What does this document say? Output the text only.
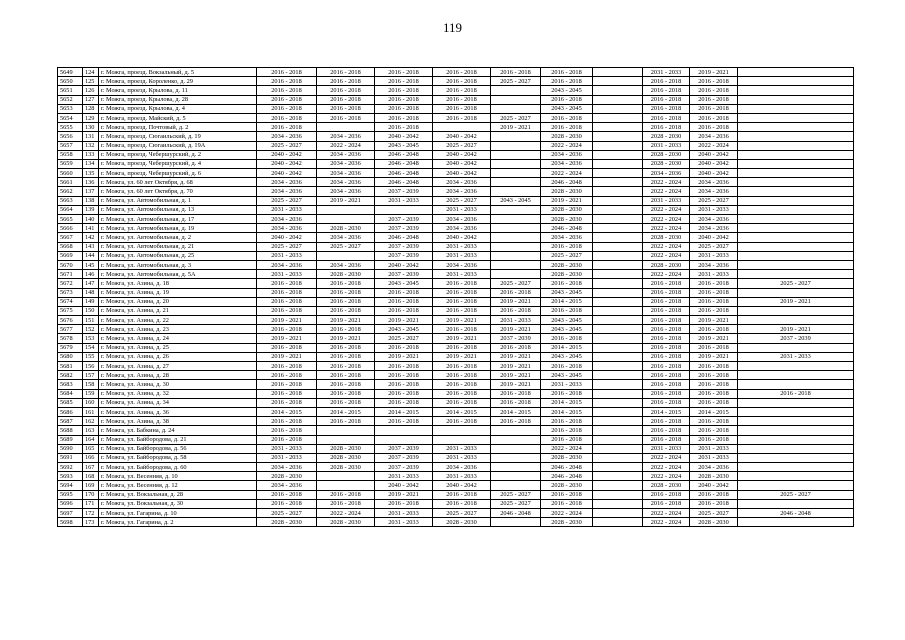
119
5649	124	г. Можга, проезд. Вокзальный, д. 5	2016 - 2018	2016 - 2018	2016 - 2018	2016 - 2018	2016 - 2018	2016 - 2018		2031 - 2033	2019 - 2021	
5650	125	г. Можга, проезд. Короленко, д. 29	2016 - 2018	2016 - 2018	2016 - 2018	2016 - 2018	2025 - 2027	2016 - 2018		2016 - 2018	2016 - 2018	
5651	126	г. Можга, проезд. Крылова, д. 11	2016 - 2018	2016 - 2018	2016 - 2018	2016 - 2018		2043 - 2045		2016 - 2018	2016 - 2018	
5652	127	г. Можга, проезд. Крылова, д. 28	2016 - 2018	2016 - 2018	2016 - 2018	2016 - 2018		2016 - 2018		2016 - 2018	2016 - 2018	
5653	128	г. Можга, проезд. Крылова, д. 4	2016 - 2018	2016 - 2018	2016 - 2018	2016 - 2018		2043 - 2045		2016 - 2018	2016 - 2018	
5654	129	г. Можга, проезд. Майский, д. 5	2016 - 2018	2016 - 2018	2016 - 2018	2016 - 2018	2025 - 2027	2016 - 2018		2016 - 2018	2016 - 2018	
5655	130	г. Можга, проезд. Почтовый, д. 2	2016 - 2018		2016 - 2018		2019 - 2021	2016 - 2018		2016 - 2018	2016 - 2018	
5656	131	г. Можга, проезд. Сюгаильский, д. 19	2034 - 2036	2034 - 2036	2040 - 2042	2040 - 2042		2028 - 2030		2028 - 2030	2034 - 2036	
5657	132	г. Можга, проезд. Сюгаильский, д. 19А	2025 - 2027	2022 - 2024	2043 - 2045	2025 - 2027		2022 - 2024		2031 - 2033	2022 - 2024	
5658	133	г. Можга, проезд. Чебершурский, д. 2	2040 - 2042	2034 - 2036	2046 - 2048	2040 - 2042		2034 - 2036		2028 - 2030	2040 - 2042	
5659	134	г. Можга, проезд. Чебершурский, д. 4	2040 - 2042	2034 - 2036	2046 - 2048	2040 - 2042		2034 - 2036		2028 - 2030	2040 - 2042	
5660	135	г. Можга, проезд. Чебершурский, д. 6	2040 - 2042	2034 - 2036	2046 - 2048	2040 - 2042		2022 - 2024		2034 - 2036	2040 - 2042	
5661	136	г. Можга, ул. 60 лет Октября, д. 68	2034 - 2036	2034 - 2036	2046 - 2048	2034 - 2036		2046 - 2048		2022 - 2024	2034 - 2036	
5662	137	г. Можга, ул. 60 лет Октября, д. 70	2034 - 2036	2034 - 2036	2037 - 2039	2034 - 2036		2028 - 2030		2022 - 2024	2034 - 2036	
5663	138	г. Можга, ул. Автомобильная, д. 1	2025 - 2027	2019 - 2021	2031 - 2033	2025 - 2027	2043 - 2045	2019 - 2021		2031 - 2033	2025 - 2027	
5664	139	г. Можга, ул. Автомобильная, д. 13	2031 - 2033			2031 - 2033		2028 - 2030		2022 - 2024	2031 - 2033	
5665	140	г. Можга, ул. Автомобильная, д. 17	2034 - 2036		2037 - 2039	2034 - 2036		2028 - 2030		2022 - 2024	2034 - 2036	
5666	141	г. Можга, ул. Автомобильная, д. 19	2034 - 2036	2028 - 2030	2037 - 2039	2034 - 2036		2046 - 2048		2022 - 2024	2034 - 2036	
5667	142	г. Можга, ул. Автомобильная, д. 2	2040 - 2042	2034 - 2036	2046 - 2048	2040 - 2042		2034 - 2036		2028 - 2030	2040 - 2042	
5668	143	г. Можга, ул. Автомобильная, д. 21	2025 - 2027	2025 - 2027	2037 - 2039	2031 - 2033		2016 - 2018		2022 - 2024	2025 - 2027	
5669	144	г. Можга, ул. Автомобильная, д. 25	2031 - 2033		2037 - 2039	2031 - 2033		2025 - 2027		2022 - 2024	2031 - 2033	
5670	145	г. Можга, ул. Автомобильная, д. 3	2034 - 2036	2034 - 2036	2040 - 2042	2034 - 2036		2028 - 2030		2028 - 2030	2034 - 2036	
5671	146	г. Можга, ул. Автомобильная, д. 5А	2031 - 2033	2028 - 2030	2037 - 2039	2031 - 2033		2028 - 2030		2022 - 2024	2031 - 2033	
5672	147	г. Можга, ул. Азина, д. 18	2016 - 2018	2016 - 2018	2043 - 2045	2016 - 2018	2025 - 2027	2016 - 2018		2016 - 2018	2016 - 2018	2025 - 2027
5673	148	г. Можга, ул. Азина, д. 19	2016 - 2018	2016 - 2018	2016 - 2018	2016 - 2018	2016 - 2018	2043 - 2045		2016 - 2018	2016 - 2018	
5674	149	г. Можга, ул. Азина, д. 20	2016 - 2018	2016 - 2018	2016 - 2018	2016 - 2018	2019 - 2021	2014 - 2015		2016 - 2018	2016 - 2018	2019 - 2021
5675	150	г. Можга, ул. Азина, д. 21	2016 - 2018	2016 - 2018	2016 - 2018	2016 - 2018	2016 - 2018	2016 - 2018		2016 - 2018	2016 - 2018	
5676	151	г. Можга, ул. Азина, д. 22	2019 - 2021	2019 - 2021	2019 - 2021	2019 - 2021	2031 - 2033	2043 - 2045		2016 - 2018	2019 - 2021	
5677	152	г. Можга, ул. Азина, д. 23	2016 - 2018	2016 - 2018	2043 - 2045	2016 - 2018	2019 - 2021	2043 - 2045		2016 - 2018	2016 - 2018	2019 - 2021
5678	153	г. Можга, ул. Азина, д. 24	2019 - 2021	2019 - 2021	2025 - 2027	2019 - 2021	2037 - 2039	2016 - 2018		2016 - 2018	2019 - 2021	2037 - 2039
5679	154	г. Можга, ул. Азина, д. 25	2016 - 2018	2016 - 2018	2016 - 2018	2016 - 2018	2016 - 2018	2014 - 2015		2016 - 2018	2016 - 2018	
5680	155	г. Можга, ул. Азина, д. 26	2019 - 2021	2016 - 2018	2019 - 2021	2019 - 2021	2019 - 2021	2043 - 2045		2016 - 2018	2019 - 2021	2031 - 2033
5681	156	г. Можга, ул. Азина, д. 27	2016 - 2018	2016 - 2018	2016 - 2018	2016 - 2018	2019 - 2021	2016 - 2018		2016 - 2018	2016 - 2018	
5682	157	г. Можга, ул. Азина, д. 28	2016 - 2018	2016 - 2018	2016 - 2018	2016 - 2018	2019 - 2021	2043 - 2045		2016 - 2018	2016 - 2018	
5683	158	г. Можга, ул. Азина, д. 30	2016 - 2018	2016 - 2018	2016 - 2018	2016 - 2018	2019 - 2021	2031 - 2033		2016 - 2018	2016 - 2018	
5684	159	г. Можга, ул. Азина, д. 32	2016 - 2018	2016 - 2018	2016 - 2018	2016 - 2018	2016 - 2018	2016 - 2018		2016 - 2018	2016 - 2018	2016 - 2018
5685	160	г. Можга, ул. Азина, д. 34	2016 - 2018	2016 - 2018	2016 - 2018	2016 - 2018	2016 - 2018	2014 - 2015		2016 - 2018	2016 - 2018	
5686	161	г. Можга, ул. Азина, д. 36	2014 - 2015	2014 - 2015	2014 - 2015	2014 - 2015	2014 - 2015	2014 - 2015		2014 - 2015	2014 - 2015	
5687	162	г. Можга, ул. Азина, д. 38	2016 - 2018	2016 - 2018	2016 - 2018	2016 - 2018	2016 - 2018	2016 - 2018		2016 - 2018	2016 - 2018	
5688	163	г. Можга, ул. Бабкина, д. 24	2016 - 2018					2016 - 2018		2016 - 2018	2016 - 2018	
5689	164	г. Можга, ул. Байбородова, д. 21	2016 - 2018					2016 - 2018		2016 - 2018	2016 - 2018	
5690	165	г. Можга, ул. Байбородова, д. 56	2031 - 2033	2028 - 2030	2037 - 2039	2031 - 2033		2022 - 2024		2031 - 2033	2031 - 2033	
5691	166	г. Можга, ул. Байбородова, д. 58	2031 - 2033	2028 - 2030	2037 - 2039	2031 - 2033		2028 - 2030		2022 - 2024	2031 - 2033	
5692	167	г. Можга, ул. Байбородова, д. 60	2034 - 2036	2028 - 2030	2037 - 2039	2034 - 2036		2046 - 2048		2022 - 2024	2034 - 2036	
5693	168	г. Можга, ул. Весенняя, д. 10	2028 - 2030		2031 - 2033	2031 - 2033		2046 - 2048		2022 - 2024	2028 - 2030	
5694	169	г. Можга, ул. Весенняя, д. 12	2034 - 2036		2040 - 2042	2040 - 2042		2028 - 2030		2028 - 2030	2040 - 2042	
5695	170	г. Можга, ул. Вокзальная, д. 28	2016 - 2018	2016 - 2018	2019 - 2021	2016 - 2018	2025 - 2027	2016 - 2018		2016 - 2018	2016 - 2018	2025 - 2027
5696	171	г. Можга, ул. Вокзальная, д. 30	2016 - 2018	2016 - 2018	2016 - 2018	2016 - 2018	2025 - 2027	2016 - 2018		2016 - 2018	2016 - 2018	
5697	172	г. Можга, ул. Гагарина, д. 10	2025 - 2027	2022 - 2024	2031 - 2033	2025 - 2027	2046 - 2048	2022 - 2024		2022 - 2024	2025 - 2027	2046 - 2048
5698	173	г. Можга, ул. Гагарина, д. 2	2028 - 2030	2028 - 2030	2031 - 2033	2028 - 2030		2028 - 2030		2022 - 2024	2028 - 2030	
